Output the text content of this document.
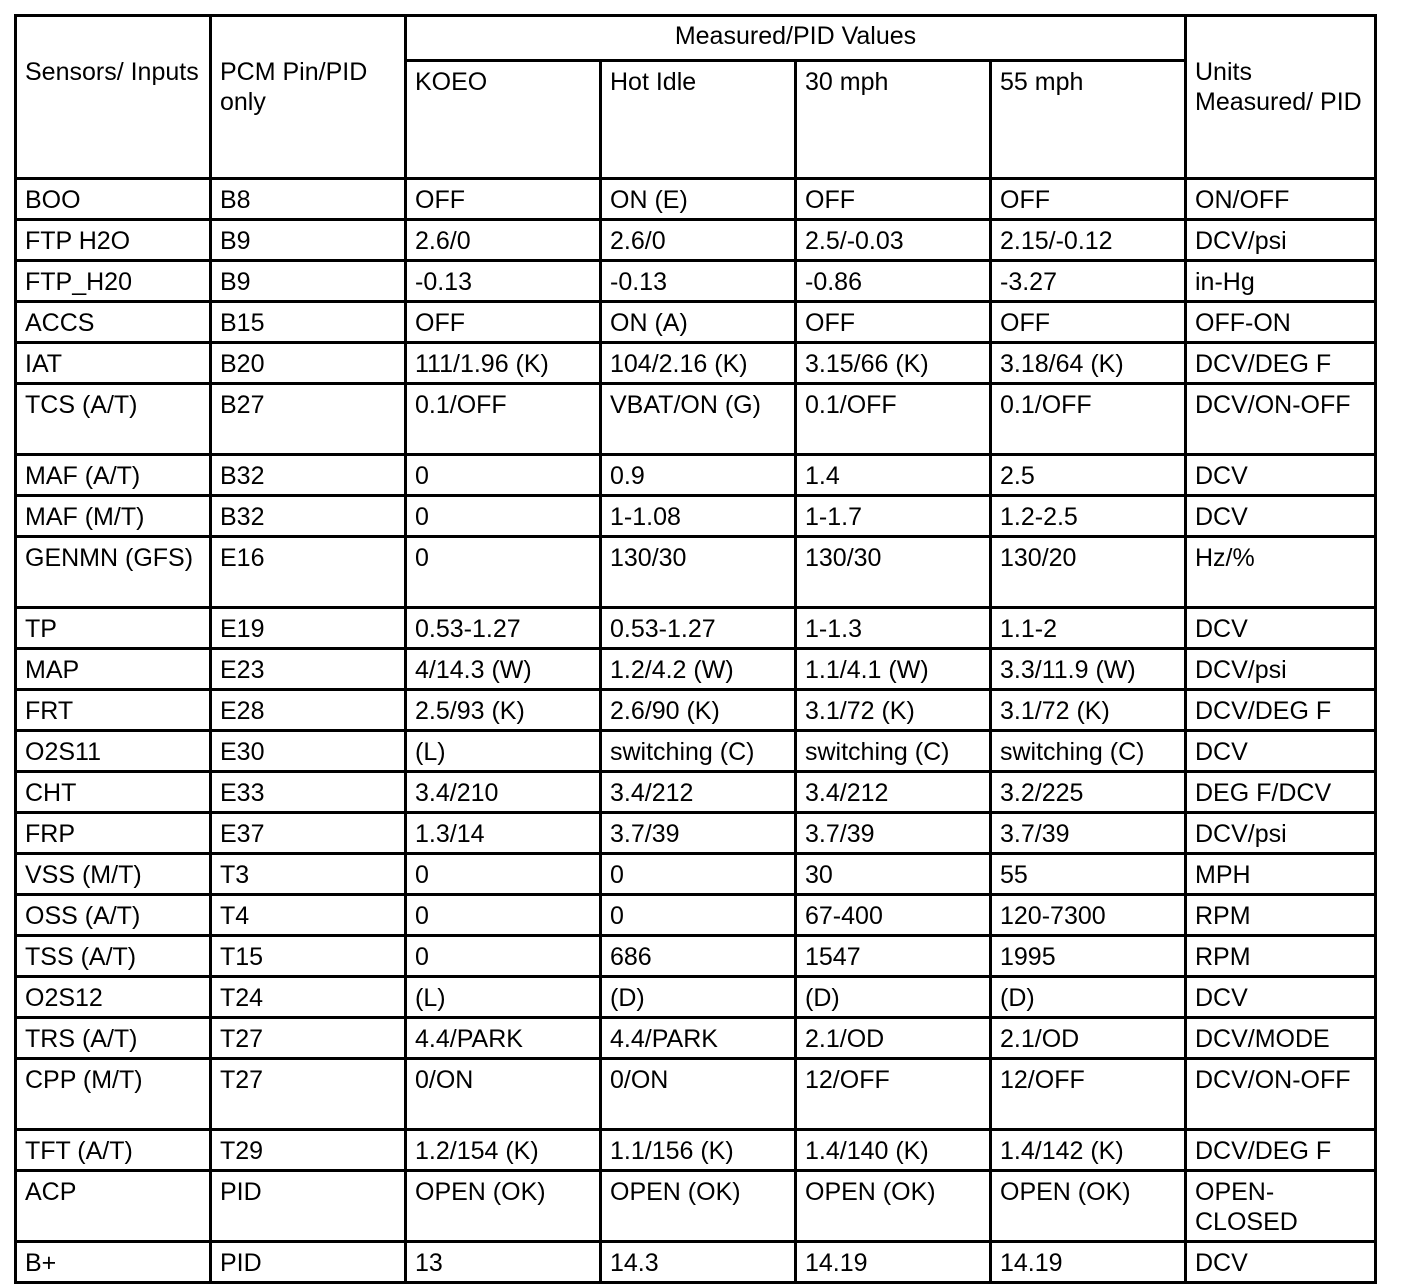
Sensors/ Inputs	PCM Pin/PID only	Measured/PID Values				Units Measured/ PID
		KOEO	Hot Idle	30 mph	55 mph	
BOO	B8	OFF	ON (E)	OFF	OFF	ON/OFF
FTP H2O	B9	2.6/0	2.6/0	2.5/-0.03	2.15/-0.12	DCV/psi
FTP_H20	B9	-0.13	-0.13	-0.86	-3.27	in-Hg
ACCS	B15	OFF	ON (A)	OFF	OFF	OFF-ON
IAT	B20	111/1.96 (K)	104/2.16 (K)	3.15/66 (K)	3.18/64 (K)	DCV/DEG F
TCS (A/T)	B27	0.1/OFF	VBAT/ON (G)	0.1/OFF	0.1/OFF	DCV/ON-OFF
MAF (A/T)	B32	0	0.9	1.4	2.5	DCV
MAF (M/T)	B32	0	1-1.08	1-1.7	1.2-2.5	DCV
GENMN (GFS)	E16	0	130/30	130/30	130/20	Hz/%
TP	E19	0.53-1.27	0.53-1.27	1-1.3	1.1-2	DCV
MAP	E23	4/14.3 (W)	1.2/4.2 (W)	1.1/4.1 (W)	3.3/11.9 (W)	DCV/psi
FRT	E28	2.5/93 (K)	2.6/90 (K)	3.1/72 (K)	3.1/72 (K)	DCV/DEG F
O2S11	E30	(L)	switching (C)	switching (C)	switching (C)	DCV
CHT	E33	3.4/210	3.4/212	3.4/212	3.2/225	DEG F/DCV
FRP	E37	1.3/14	3.7/39	3.7/39	3.7/39	DCV/psi
VSS (M/T)	T3	0	0	30	55	MPH
OSS (A/T)	T4	0	0	67-400	120-7300	RPM
TSS (A/T)	T15	0	686	1547	1995	RPM
O2S12	T24	(L)	(D)	(D)	(D)	DCV
TRS (A/T)	T27	4.4/PARK	4.4/PARK	2.1/OD	2.1/OD	DCV/MODE
CPP (M/T)	T27	0/ON	0/ON	12/OFF	12/OFF	DCV/ON-OFF
TFT (A/T)	T29	1.2/154 (K)	1.1/156 (K)	1.4/140 (K)	1.4/142 (K)	DCV/DEG F
ACP	PID	OPEN (OK)	OPEN (OK)	OPEN (OK)	OPEN (OK)	OPEN-CLOSED
B+	PID	13	14.3	14.19	14.19	DCV
